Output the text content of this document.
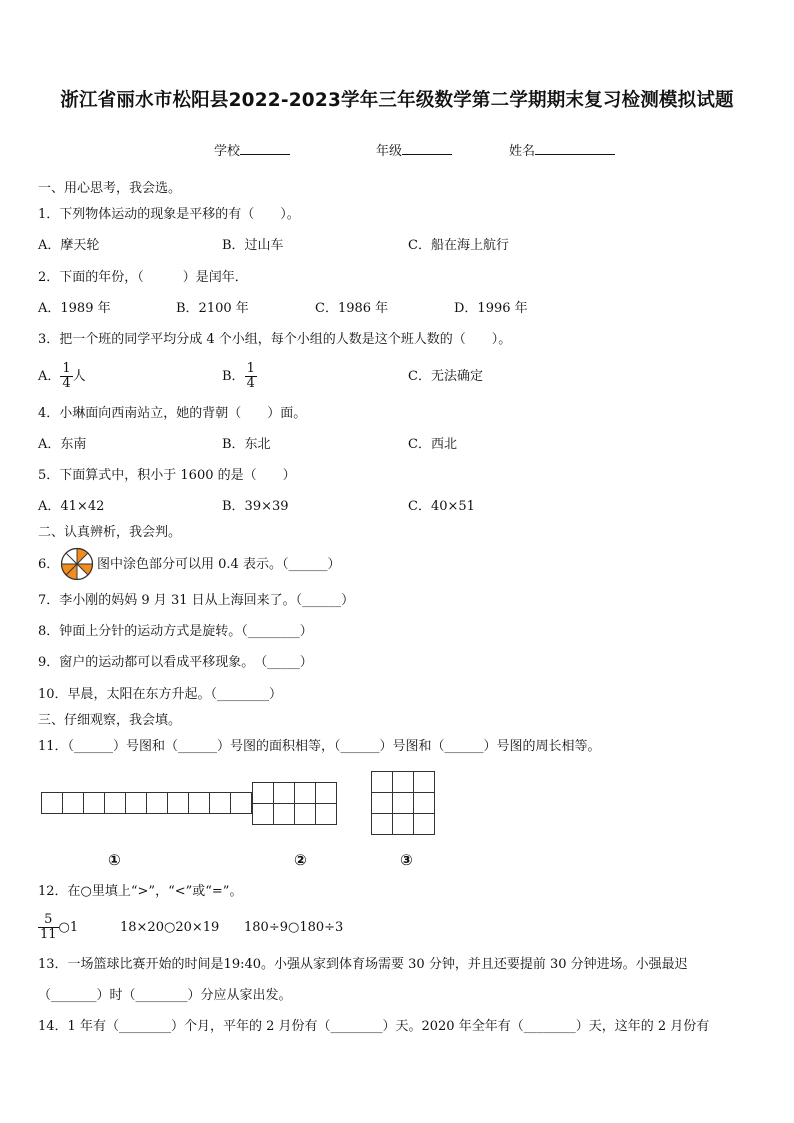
浙江省丽水市松阳县2022-2023学年三年级数学第二学期期末复习检测模拟试题
学校	年级	姓名
一、用心思考，我会选。
1．下列物体运动的现象是平移的有（　　）。
A．摩天轮	B．过山车	C．船在海上航行
2．下面的年份，（　　　）是闰年．
A．1989 年	B．2100 年	C．1986 年	D．1996 年
3．把一个班的同学平均分成 4 个小组，每个小组的人数是这个班人数的（　　）。
A． $\frac{1}{4}$ 人	B． $\frac{1}{4}$	C．无法确定
4．小琳面向西南站立，她的背朝（　　）面。
A．东南	B．东北	C．西北
5．下面算式中，积小于 1600 的是（　　）
A．41×42	B．39×39	C．40×51
二、认真辨析，我会判。
6．	图中涂色部分可以用 0.4 表示。（______）
7．李小刚的妈妈 9 月 31 日从上海回来了。（______）
8．钟面上分针的运动方式是旋转。（________）
9．窗户的运动都可以看成平移现象。　（_____）
10．早晨，太阳在东方升起。（________）
三、仔细观察，我会填。
11．（______）号图和（______）号图的面积相等，（______）号图和（______）号图的周长相等。

①	②	③
12．在○里填上“>”，“<”或“=”。
$\frac{5}{11}$ ○1	18×20○20×19 180÷9○180÷3
13．一场篮球比赛开始的时间是19:40。小强从家到体育场需要 30 分钟，并且还要提前 30 分钟进场。小强最迟
（_______）时（________）分应从家出发。
14．1 年有（________）个月，平年的 2 月份有（________）天。2020 年全年有（________）天，这年的 2 月份有
